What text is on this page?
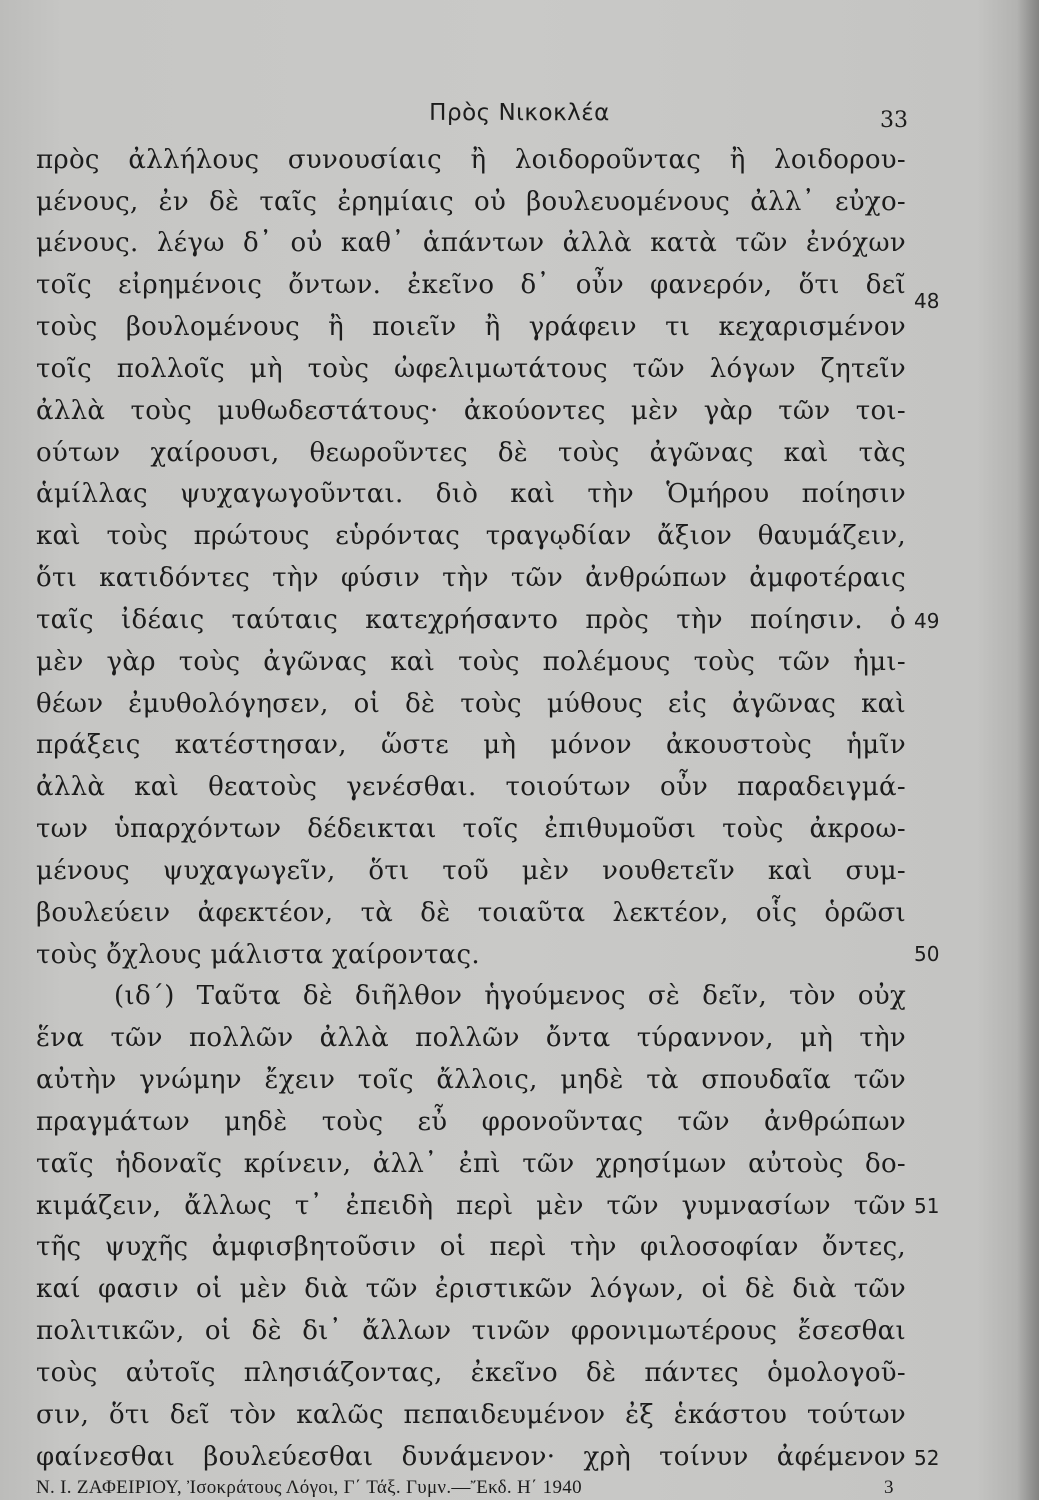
Πρὸς Νικοκλέα	33
πρὸς ἀλλήλους συνουσίαις ἢ λοιδοροῦντας ἢ λοιδορου-
μένους, ἐν δὲ ταῖς ἐρημίαις οὐ βουλευομένους ἀλλ᾽ εὐχο-
μένους. λέγω δ᾽ οὐ καθ᾽ ἁπάντων ἀλλὰ κατὰ τῶν ἐνόχων
τοῖς εἰρημένοις ὄντων. ἐκεῖνο δ᾽ οὖν φανερόν, ὅτι δεῖ
τοὺς βουλομένους ἢ ποιεῖν ἢ γράφειν τι κεχαρισμένον
τοῖς πολλοῖς μὴ τοὺς ὠφελιμωτάτους τῶν λόγων ζητεῖν
ἀλλὰ τοὺς μυθωδεστάτους· ἀκούοντες μὲν γὰρ τῶν τοι-
ούτων χαίρουσι, θεωροῦντες δὲ τοὺς ἀγῶνας καὶ τὰς
ἁμίλλας ψυχαγωγοῦνται. διὸ καὶ τὴν Ὁμήρου ποίησιν
καὶ τοὺς πρώτους εὑρόντας τραγῳδίαν ἄξιον θαυμάζειν,
ὅτι κατιδόντες τὴν φύσιν τὴν τῶν ἀνθρώπων ἀμφοτέραις
ταῖς ἰδέαις ταύταις κατεχρήσαντο πρὸς τὴν ποίησιν. ὁ
μὲν γὰρ τοὺς ἀγῶνας καὶ τοὺς πολέμους τοὺς τῶν ἡμι-
θέων ἐμυθολόγησεν, οἱ δὲ τοὺς μύθους εἰς ἀγῶνας καὶ
πράξεις κατέστησαν, ὥστε μὴ μόνον ἀκουστοὺς ἡμῖν
ἀλλὰ καὶ θεατοὺς γενέσθαι. τοιούτων οὖν παραδειγμά-
των ὑπαρχόντων δέδεικται τοῖς ἐπιθυμοῦσι τοὺς ἀκροω-
μένους ψυχαγωγεῖν, ὅτι τοῦ μὲν νουθετεῖν καὶ συμ-
βουλεύειν ἀφεκτέον, τὰ δὲ τοιαῦτα λεκτέον, οἷς ὁρῶσι
τοὺς ὄχλους μάλιστα χαίροντας.
(ιδ΄) Ταῦτα δὲ διῆλθον ἡγούμενος σὲ δεῖν, τὸν οὐχ
ἕνα τῶν πολλῶν ἀλλὰ πολλῶν ὄντα τύραννον, μὴ τὴν
αὐτὴν γνώμην ἔχειν τοῖς ἄλλοις, μηδὲ τὰ σπουδαῖα τῶν
πραγμάτων μηδὲ τοὺς εὖ φρονοῦντας τῶν ἀνθρώπων
ταῖς ἡδοναῖς κρίνειν, ἀλλ᾽ ἐπὶ τῶν χρησίμων αὐτοὺς δο-
κιμάζειν, ἄλλως τ᾽ ἐπειδὴ περὶ μὲν τῶν γυμνασίων τῶν
τῆς ψυχῆς ἀμφισβητοῦσιν οἱ περὶ τὴν φιλοσοφίαν ὄντες,
καί φασιν οἱ μὲν διὰ τῶν ἐριστικῶν λόγων, οἱ δὲ διὰ τῶν
πολιτικῶν, οἱ δὲ δι᾽ ἄλλων τινῶν φρονιμωτέρους ἔσεσθαι
τοὺς αὐτοῖς πλησιάζοντας, ἐκεῖνο δὲ πάντες ὁμολογοῦ-
σιν, ὅτι δεῖ τὸν καλῶς πεπαιδευμένον ἐξ ἑκάστου τούτων
φαίνεσθαι βουλεύεσθαι δυνάμενον· χρὴ τοίνυν ἀφέμενον
48
49
50
51
52
Ν. Ι. ΖΑΦΕΙΡΙΟΥ, Ἰσοκράτους Λόγοι, Γ΄ Τάξ. Γυμν.—Ἔκδ. Η΄ 1940	3
